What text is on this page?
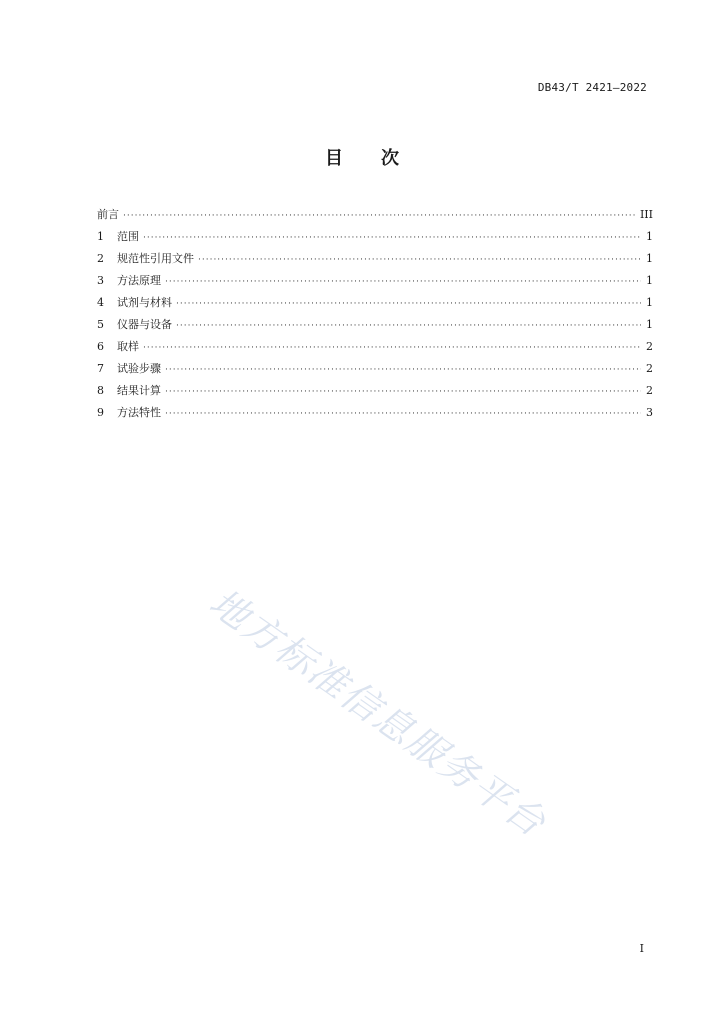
DB43/T 2421—2022
目 次
前言 ·····	III
1	范围 ·····	1
2	规范性引用文件 ·····	1
3	方法原理 ·····	1
4	试剂与材料 ·····	1
5	仪器与设备 ·····	1
6	取样 ·····	2
7	试验步骤 ·····	2
8	结果计算 ·····	2
9	方法特性 ·····	3
地方标准信息服务平台
I
